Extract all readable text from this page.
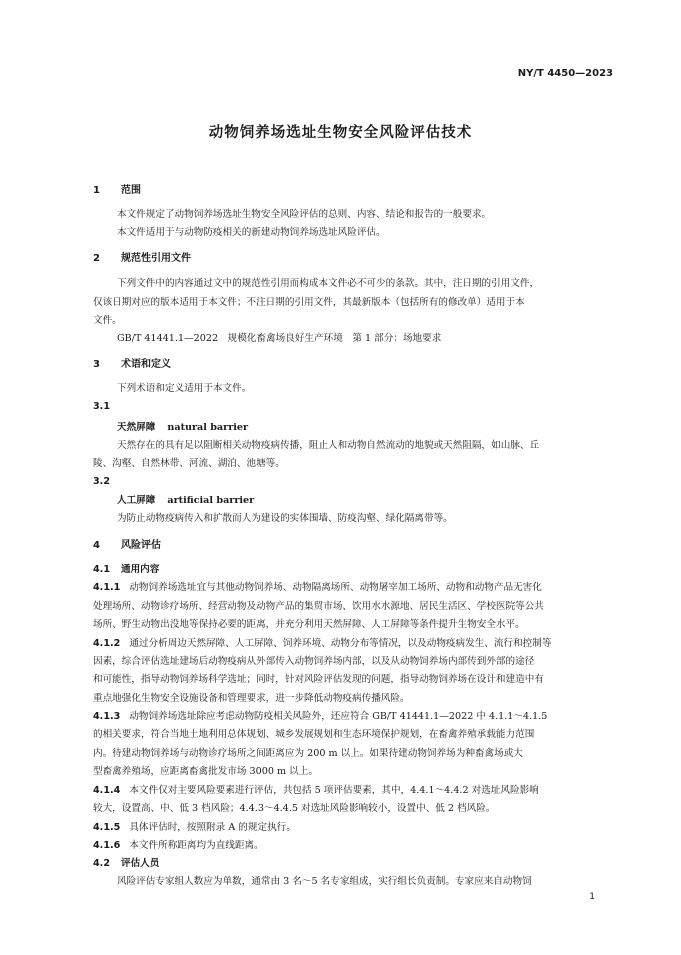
NY/T 4450—2023
动物饲养场选址生物安全风险评估技术
1 范围
本文件规定了动物饲养场选址生物安全风险评估的总则、内容、结论和报告的一般要求。
本文件适用于与动物防疫相关的新建动物饲养场选址风险评估。
2 规范性引用文件
下列文件中的内容通过文中的规范性引用而构成本文件必不可少的条款。其中，注日期的引用文件，
仅该日期对应的版本适用于本文件；不注日期的引用文件，其最新版本（包括所有的修改单）适用于本
文件。
GB/T 41441.1—2022　规模化畜禽场良好生产环境　第 1 部分：场地要求
3 术语和定义
下列术语和定义适用于本文件。
3.1
天然屏障 natural barrier
天然存在的具有足以阻断相关动物疫病传播，阻止人和动物自然流动的地貌或天然阻隔，如山脉、丘
陵、沟壑、自然林带、河流、湖泊、池塘等。
3.2
人工屏障 artificial barrier
为防止动物疫病传入和扩散而人为建设的实体围墙、防疫沟壑、绿化隔离带等。
4 风险评估
4.1 通用内容
4.1.1 动物饲养场选址宜与其他动物饲养场、动物隔离场所、动物屠宰加工场所、动物和动物产品无害化
处理场所、动物诊疗场所、经营动物及动物产品的集贸市场、饮用水水源地、居民生活区、学校医院等公共
场所、野生动物出没地等保持必要的距离，并充分利用天然屏障、人工屏障等条件提升生物安全水平。
4.1.2 通过分析周边天然屏障、人工屏障、饲养环境、动物分布等情况，以及动物疫病发生、流行和控制等
因素，综合评估选址建场后动物疫病从外部传入动物饲养场内部，以及从动物饲养场内部传到外部的途径
和可能性，指导动物饲养场科学选址；同时，针对风险评估发现的问题，指导动物饲养场在设计和建造中有
重点地强化生物安全设施设备和管理要求，进一步降低动物疫病传播风险。
4.1.3 动物饲养场选址除应考虑动物防疫相关风险外，还应符合 GB/T 41441.1—2022 中 4.1.1～4.1.5
的相关要求，符合当地土地利用总体规划、城乡发展规划和生态环境保护规划，在畜禽养殖承载能力范围
内。待建动物饲养场与动物诊疗场所之间距离应为 200 m 以上。如果待建动物饲养场为种畜禽场或大
型畜禽养殖场，应距离畜禽批发市场 3000 m 以上。
4.1.4 本文件仅对主要风险要素进行评估，共包括 5 项评估要素，其中，4.4.1～4.4.2 对选址风险影响
较大，设置高、中、低 3 档风险；4.4.3～4.4.5 对选址风险影响较小，设置中、低 2 档风险。
4.1.5 具体评估时，按照附录 A 的规定执行。
4.1.6 本文件所称距离均为直线距离。
4.2 评估人员
风险评估专家组人数应为单数，通常由 3 名～5 名专家组成，实行组长负责制。专家应来自动物饲
1
